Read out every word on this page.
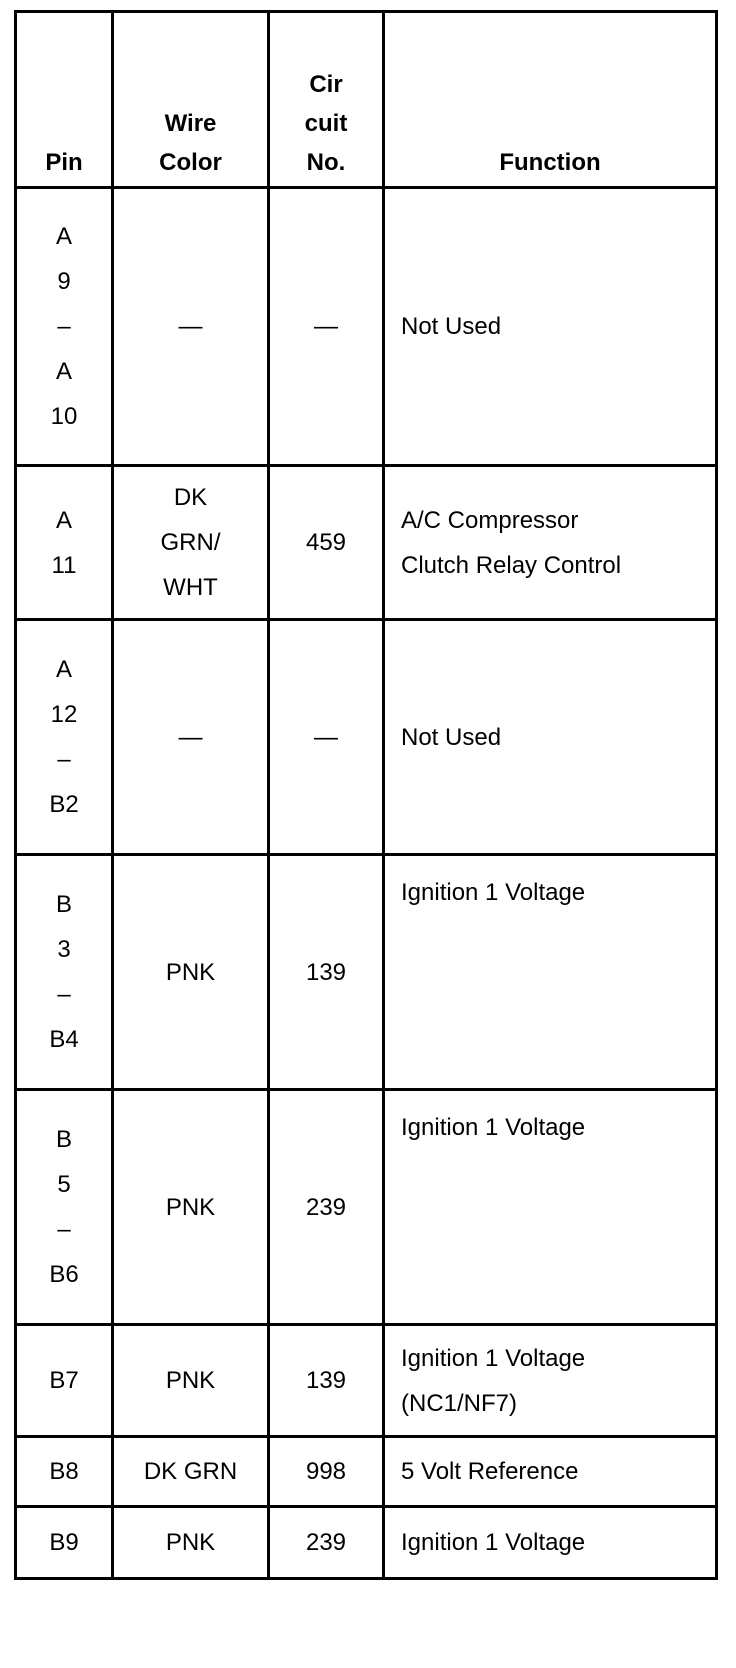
Pin	Wire
Color	Cir
cuit
No.	Function

A
9
–
A
10	—	—	Not Used

A
11	DK
GRN/
WHT	459	A/C Compressor
Clutch Relay Control

A
12
–
B2	—	—	Not Used

B
3
–
B4	PNK	139	Ignition 1 Voltage

B
5
–
B6	PNK	239	Ignition 1 Voltage

B7	PNK	139	Ignition 1 Voltage
(NC1/NF7)

B8	DK GRN	998	5 Volt Reference

B9	PNK	239	Ignition 1 Voltage
